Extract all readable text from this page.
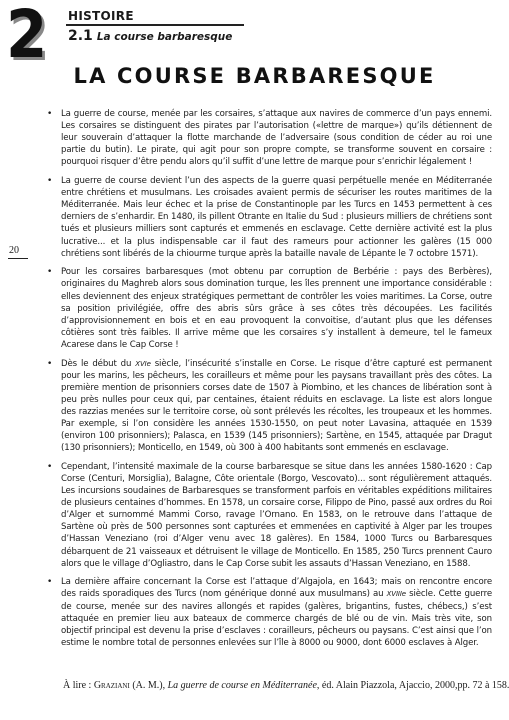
2 HISTOIRE
2.1 La course barbaresque
LA COURSE BARBARESQUE
20
• La guerre de course, menée par les corsaires, s’attaque aux navires de commerce d’un pays ennemi. Les corsaires se distinguent des pirates par l’autorisation («lettre de marque») qu’ils détiennent de leur souverain d’attaquer la flotte marchande de l’adversaire (sous condition de céder au roi une partie du butin). Le pirate, qui agit pour son propre compte, se transforme souvent en corsaire : pourquoi risquer d’être pendu alors qu’il suffit d’une lettre de marque pour s’enrichir légalement !

• La guerre de course devient l’un des aspects de la guerre quasi perpétuelle menée en Méditerranée entre chrétiens et musulmans. Les croisades avaient permis de sécuriser les routes maritimes de la Méditerranée. Mais leur échec et la prise de Constantinople par les Turcs en 1453 permettent à ces derniers de s’enhardir. En 1480, ils pillent Otrante en Italie du Sud : plusieurs milliers de chrétiens sont tués et plusieurs milliers sont capturés et emmenés en esclavage. Cette dernière activité est la plus lucrative... et la plus indispensable car il faut des rameurs pour actionner les galères (15 000 chrétiens sont libérés de la chiourme turque après la bataille navale de Lépante le 7 octobre 1571).

• Pour les corsaires barbaresques (mot obtenu par corruption de Berbérie : pays des Berbères), originaires du Maghreb alors sous domination turque, les îles prennent une importance considérable : elles deviennent des enjeux stratégiques permettant de contrôler les voies maritimes. La Corse, outre sa position privilégiée, offre des abris sûrs grâce à ses côtes très découpées. Les facilités d’approvisionnement en bois et en eau provoquent la convoitise, d’autant plus que les défenses côtières sont très faibles. Il arrive même que les corsaires s’y installent à demeure, tel le fameux Acarese dans le Cap Corse !

• Dès le début du

XVIe

siècle, l’insécurité s’installe en Corse. Le risque d’être capturé est permanent pour les marins, les pêcheurs, les corailleurs et même pour les paysans travaillant près des côtes. La première mention de prisonniers corses date de 1507 à Piombino, et les chances de libération sont à peu près nulles pour ceux qui, par centaines, étaient réduits en esclavage. La liste est alors longue des razzias menées sur le territoire corse, où sont prélevés les récoltes, les troupeaux et les hommes. Par exemple, si l’on considère les années 1530-1550, on peut noter Lavasina, attaquée en 1539 (environ 100 prisonniers); Palasca, en 1539 (145 prisonniers); Sartène, en 1545, attaquée par Dragut (130 prisonniers); Monticello, en 1549, où 300 à 400 habitants sont emmenés en esclavage.

• Cependant, l’intensité maximale de la course barbaresque se situe dans les années 1580-1620 : Cap Corse (Centuri, Morsiglia), Balagne, Côte orientale (Borgo, Vescovato)... sont régulièrement attaqués. Les incursions soudaines de Barbaresques se transforment parfois en véritables expéditions militaires de plusieurs centaines d’hommes. En 1578, un corsaire corse, Filippo de Pino, passé aux ordres du Roi d’Alger et surnommé Mammi Corso, ravage l’Ornano. En 1583, on le retrouve dans l’attaque de Sartène où près de 500 personnes sont capturées et emmenées en captivité à Alger par les troupes d’Hassan Veneziano (roi d’Alger venu avec 18 galères). En 1584, 1000 Turcs ou Barbaresques débarquent de 21 vaisseaux et détruisent le village de Monticello. En 1585, 250 Turcs prennent Cauro alors que le village d’Ogliastro, dans le Cap Corse subit les assauts d’Hassan Veneziano, en 1588.

• La dernière affaire concernant la Corse est l’attaque d’Algajola, en 1643; mais on rencontre encore des raids sporadiques des Turcs (nom générique donné aux musulmans) au

XVIIIe

siècle. Cette guerre de course, menée sur des navires allongés et rapides (galères, brigantins, fustes, chébecs,) s’est attaquée en premier lieu aux bateaux de commerce chargés de blé ou de vin. Mais très vite, son objectif principal est devenu la prise d’esclaves : corailleurs, pêcheurs ou paysans. C’est ainsi que l’on estime le nombre total de personnes enlevées sur l’île à 8000 ou 9000, dont 6000 esclaves à Alger.

À lire : Graziani (A. M.), La guerre de course en Méditerranée, éd. Alain Piazzola, Ajaccio, 2000,pp. 72 à 158.
